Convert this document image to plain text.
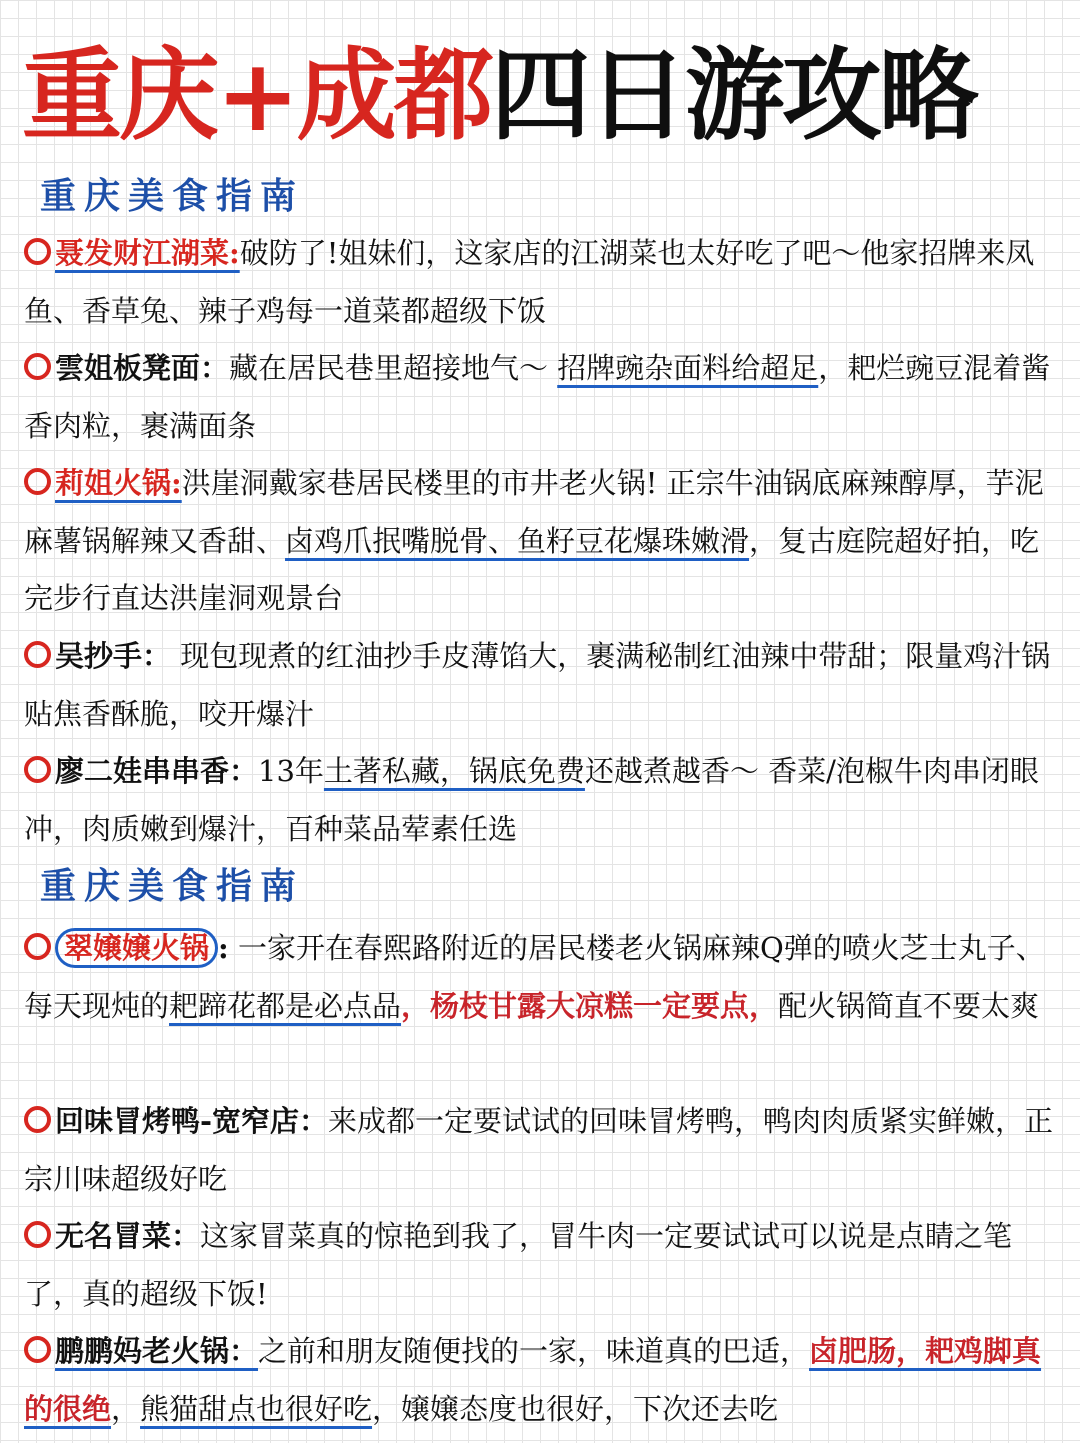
重庆+成都四日游攻略
重庆美食指南

聂发财江湖菜:破防了!姐妹们，这家店的江湖菜也太好吃了吧～他家招牌来凤鱼、香草兔、辣子鸡每一道菜都超级下饭

雲姐板凳面：藏在居民巷里超接地气～ 招牌豌杂面料给超足，耙烂豌豆混着酱香肉粒，裹满面条

莉姐火锅:洪崖洞戴家巷居民楼里的市井老火锅! 正宗牛油锅底麻辣醇厚，芋泥麻薯锅解辣又香甜、卤鸡爪抿嘴脱骨、鱼籽豆花爆珠嫩滑，复古庭院超好拍，吃完步行直达洪崖洞观景台

吴抄手： 现包现煮的红油抄手皮薄馅大，裹满秘制红油辣中带甜；限量鸡汁锅贴焦香酥脆，咬开爆汁

廖二娃串串香：13年土著私藏，锅底免费还越煮越香～ 香菜/泡椒牛肉串闭眼冲，肉质嫩到爆汁，百种菜品荤素任选

重庆美食指南

翠嬢嬢火锅 : 一家开在春熙路附近的居民楼老火锅麻辣Q弹的喷火芝士丸子、每天现炖的耙蹄花都是必点品，杨枝甘露大凉糕一定要点，配火锅简直不要太爽

回味冒烤鸭-宽窄店：来成都一定要试试的回味冒烤鸭，鸭肉肉质紧实鲜嫩，正宗川味超级好吃

无名冒菜：这家冒菜真的惊艳到我了，冒牛肉一定要试试可以说是点睛之笔了，真的超级下饭!

鹏鹏妈老火锅：之前和朋友随便找的一家，味道真的巴适，卤肥肠，耙鸡脚真的很绝，熊猫甜点也很好吃，嬢嬢态度也很好，下次还去吃
